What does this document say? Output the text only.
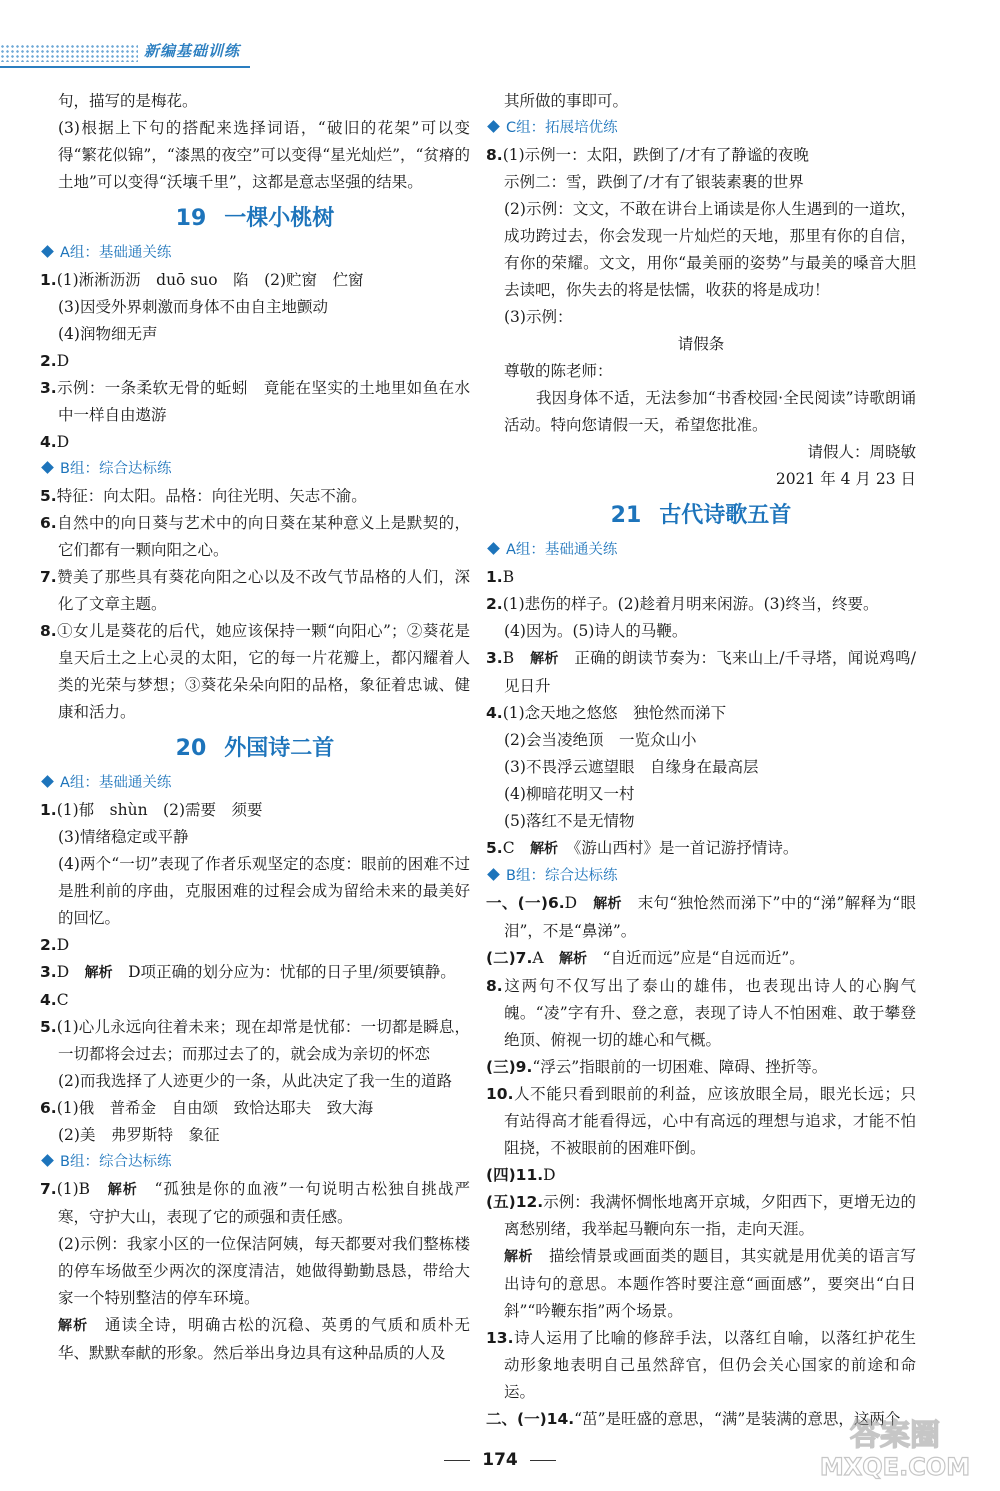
新编基础训练

句，描写的是梅花。

(3)根据上下句的搭配来选择词语，“破旧的花架”可以变得“繁花似锦”，“漆黑的夜空”可以变得“星光灿烂”，“贫瘠的土地”可以变得“沃壤千里”，这都是意志坚强的结果。

19 一棵小桃树
A组：基础通关练

1.(1)淅淅沥沥　duō suo　陷　(2)贮窗　伫窗

(3)因受外界刺激而身体不由自主地颤动

(4)润物细无声

2.D

3.示例：一条柔软无骨的蚯蚓　竟能在坚实的土地里如鱼在水中一样自由遨游

4.D

B组：综合达标练

5.特征：向太阳。品格：向往光明、矢志不渝。

6.自然中的向日葵与艺术中的向日葵在某种意义上是默契的，它们都有一颗向阳之心。

7.赞美了那些具有葵花向阳之心以及不改气节品格的人们，深化了文章主题。

8.①女儿是葵花的后代，她应该保持一颗“向阳心”；②葵花是皇天后土之上心灵的太阳，它的每一片花瓣上，都闪耀着人类的光荣与梦想；③葵花朵朵向阳的品格，象征着忠诚、健康和活力。

20 外国诗二首
A组：基础通关练

1.(1)郁　shùn　(2)需要　须要

(3)情绪稳定或平静

(4)两个“一切”表现了作者乐观坚定的态度：眼前的困难不过是胜利前的序曲，克服困难的过程会成为留给未来的最美好的回忆。

2.D

3.D　解析　D项正确的划分应为：忧郁的日子里/须要镇静。

4.C

5.(1)心儿永远向往着未来；现在却常是忧郁：一切都是瞬息，一切都将会过去；而那过去了的，就会成为亲切的怀恋

(2)而我选择了人迹更少的一条，从此决定了我一生的道路

6.(1)俄　普希金　自由颂　致恰达耶夫　致大海

(2)美　弗罗斯特　象征

B组：综合达标练

7.(1)B　解析　“孤独是你的血液”一句说明古松独自挑战严寒，守护大山，表现了它的顽强和责任感。

(2)示例：我家小区的一位保洁阿姨，每天都要对我们整栋楼的停车场做至少两次的深度清洁，她做得勤勤恳恳，带给大家一个特别整洁的停车环境。

解析　通读全诗，明确古松的沉稳、英勇的气质和质朴无华、默默奉献的形象。然后举出身边具有这种品质的人及

其所做的事即可。

C组：拓展培优练

8.(1)示例一：太阳，跌倒了/才有了静谧的夜晚

示例二：雪，跌倒了/才有了银装素裹的世界

(2)示例：文文，不敢在讲台上诵读是你人生遇到的一道坎，成功跨过去，你会发现一片灿烂的天地，那里有你的自信，有你的荣耀。文文，用你“最美丽的姿势”与最美的嗓音大胆去读吧，你失去的将是怯懦，收获的将是成功！

(3)示例：

请假条

尊敬的陈老师：

我因身体不适，无法参加“书香校园·全民阅读”诗歌朗诵活动。特向您请假一天，希望您批准。

请假人：周晓敏

2021 年 4 月 23 日

21 古代诗歌五首
A组：基础通关练

1.B

2.(1)悲伤的样子。(2)趁着月明来闲游。(3)终当，终要。

(4)因为。(5)诗人的马鞭。

3.B　解析　正确的朗读节奏为：飞来山上/千寻塔，闻说鸡鸣/见日升

4.(1)念天地之悠悠　独怆然而涕下

(2)会当凌绝顶　一览众山小

(3)不畏浮云遮望眼　自缘身在最高层

(4)柳暗花明又一村

(5)落红不是无情物

5.C　解析　《游山西村》是一首记游抒情诗。

B组：综合达标练

一、(一)6.D　解析　末句“独怆然而涕下”中的“涕”解释为“眼泪”，不是“鼻涕”。

(二)7.A　解析　“自近而远”应是“自远而近”。

8.这两句不仅写出了泰山的雄伟，也表现出诗人的心胸气魄。“凌”字有升、登之意，表现了诗人不怕困难、敢于攀登绝顶、俯视一切的雄心和气概。

(三)9.“浮云”指眼前的一切困难、障碍、挫折等。

10.人不能只看到眼前的利益，应该放眼全局，眼光长远；只有站得高才能看得远，心中有高远的理想与追求，才能不怕阻挠，不被眼前的困难吓倒。

(四)11.D

(五)12.示例：我满怀惆怅地离开京城，夕阳西下，更增无边的离愁别绪，我举起马鞭向东一指，走向天涯。

解析　描绘情景或画面类的题目，其实就是用优美的语言写出诗句的意思。本题作答时要注意“画面感”，要突出“白日斜”“吟鞭东指”两个场景。

13.诗人运用了比喻的修辞手法，以落红自喻，以落红护花生动形象地表明自己虽然辞官，但仍会关心国家的前途和命运。

二、(一)14.“茁”是旺盛的意思，“满”是装满的意思，这两个

174
答案圈
MXQE.COM
